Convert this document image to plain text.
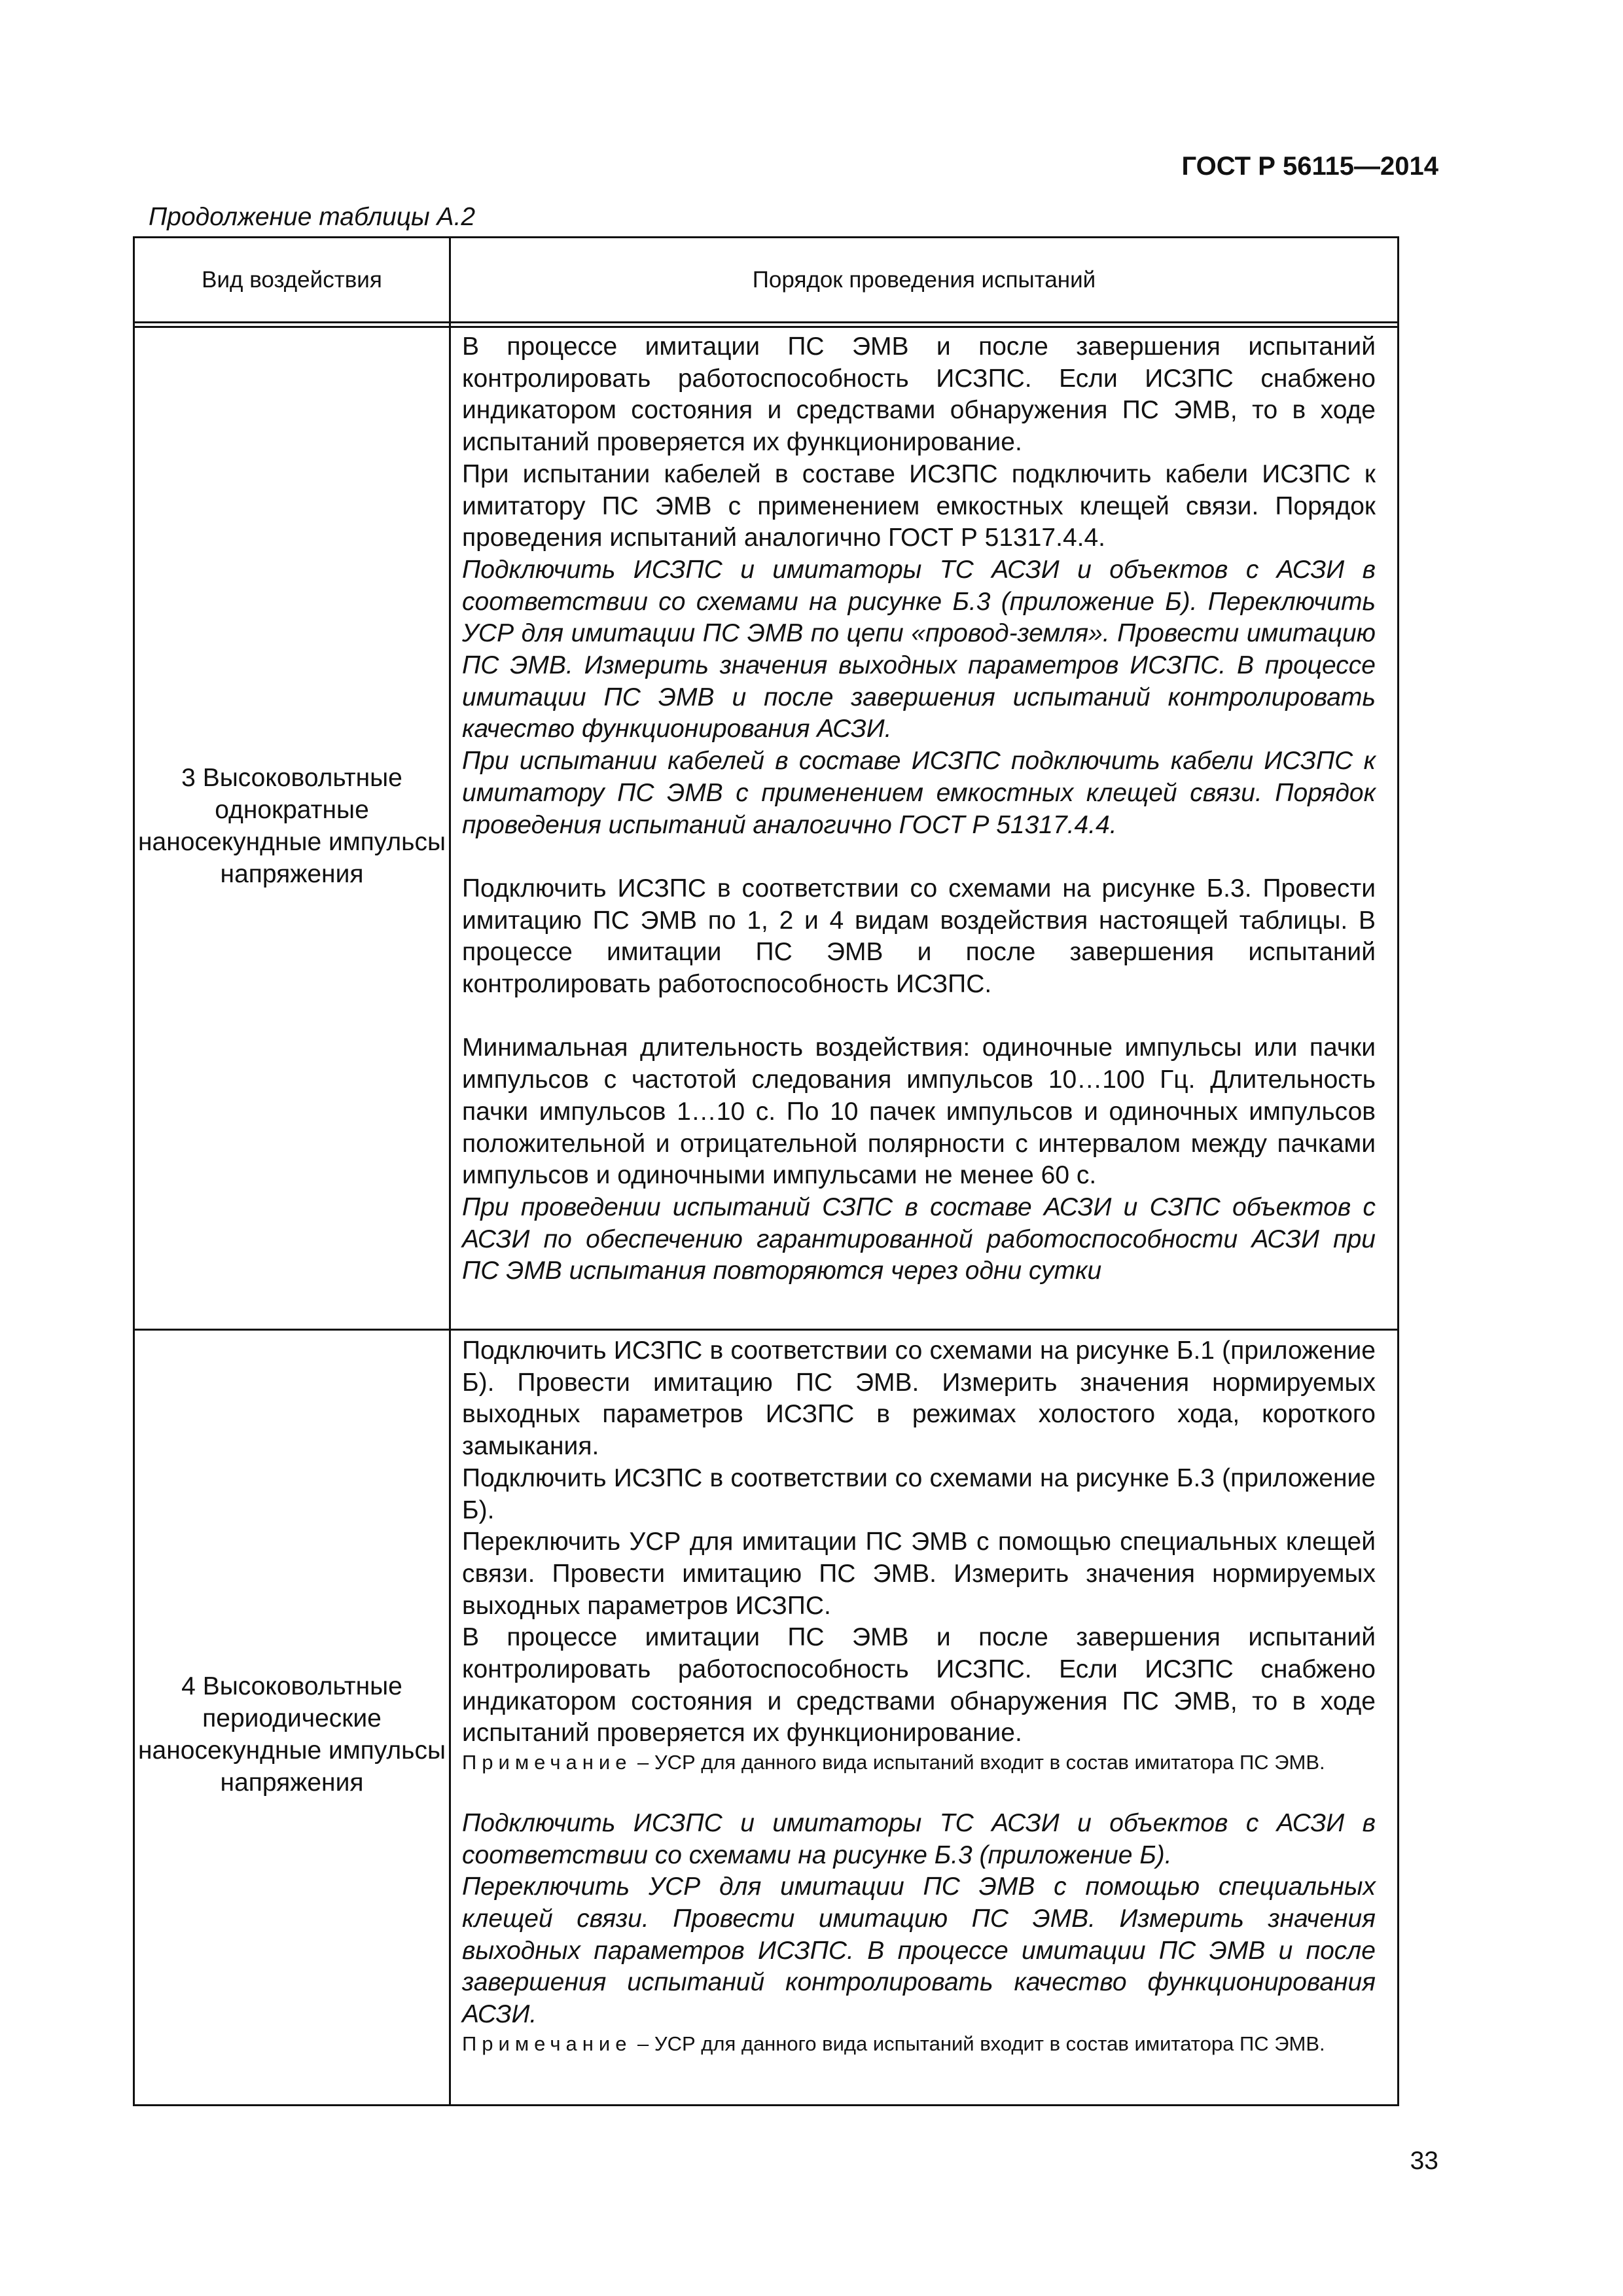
ГОСТ Р 56115—2014
Продолжение таблицы А.2
Вид воздействия	Порядок проведения испытаний
3 Высоковольтные однократные наносекундные импульсы напряжения

В процессе имитации ПС ЭМВ и после завершения испытаний контролировать работоспособность ИСЗПС. Если ИСЗПС снабжено индикатором состояния и средствами обнаружения ПС ЭМВ, то в ходе испытаний проверяется их функционирование.

При испытании кабелей в составе ИСЗПС подключить кабели ИСЗПС к имитатору ПС ЭМВ с применением емкостных клещей связи. Порядок проведения испытаний аналогично ГОСТ Р 51317.4.4.

Подключить ИСЗПС и имитаторы ТС АСЗИ и объектов с АСЗИ в соответствии со схемами на рисунке Б.3 (приложение Б). Переключить УСР для имитации ПС ЭМВ по цепи «провод-земля». Провести имитацию ПС ЭМВ. Измерить значения выходных параметров ИСЗПС. В процессе имитации ПС ЭМВ и после завершения испытаний контролировать качество функционирования АСЗИ.

При испытании кабелей в составе ИСЗПС подключить кабели ИСЗПС к имитатору ПС ЭМВ с применением емкостных клещей связи. Порядок проведения испытаний аналогично ГОСТ Р 51317.4.4.

Подключить ИСЗПС в соответствии со схемами на рисунке Б.3. Провести имитацию ПС ЭМВ по 1, 2 и 4 видам воздействия настоящей таблицы. В процессе имитации ПС ЭМВ и после завершения испытаний контролировать работоспособность ИСЗПС.

Минимальная длительность воздействия: одиночные импульсы или пачки импульсов с частотой следования импульсов 10…100 Гц. Длительность пачки импульсов 1…10 с. По 10 пачек импульсов и одиночных импульсов положительной и отрицательной полярности с интервалом между пачками импульсов и одиночными импульсами не менее 60 с.

При проведении испытаний СЗПС в составе АСЗИ и СЗПС объектов с АСЗИ по обеспечению гарантированной работоспособности АСЗИ при ПС ЭМВ испытания повторяются через одни сутки

4 Высоковольтные периодические наносекундные импульсы напряжения

Подключить ИСЗПС в соответствии со схемами на рисунке Б.1 (приложение Б). Провести имитацию ПС ЭМВ. Измерить значения нормируемых выходных параметров ИСЗПС в режимах холостого хода, короткого замыкания.

Подключить ИСЗПС в соответствии со схемами на рисунке Б.3 (приложение Б).

Переключить УСР для имитации ПС ЭМВ с помощью специальных клещей связи. Провести имитацию ПС ЭМВ. Измерить значения нормируемых выходных параметров ИСЗПС.

В процессе имитации ПС ЭМВ и после завершения испытаний контролировать работоспособность ИСЗПС. Если ИСЗПС снабжено индикатором состояния и средствами обнаружения ПС ЭМВ, то в ходе испытаний проверяется их функционирование.

Примечание – УСР для данного вида испытаний входит в состав имитатора ПС ЭМВ.

Подключить ИСЗПС и имитаторы ТС АСЗИ и объектов с АСЗИ в соответствии со схемами на рисунке Б.3 (приложение Б).

Переключить УСР для имитации ПС ЭМВ с помощью специальных клещей связи. Провести имитацию ПС ЭМВ. Измерить значения выходных параметров ИСЗПС. В процессе имитации ПС ЭМВ и после завершения испытаний контролировать качество функционирования АСЗИ.

Примечание – УСР для данного вида испытаний входит в состав имитатора ПС ЭМВ.

33
